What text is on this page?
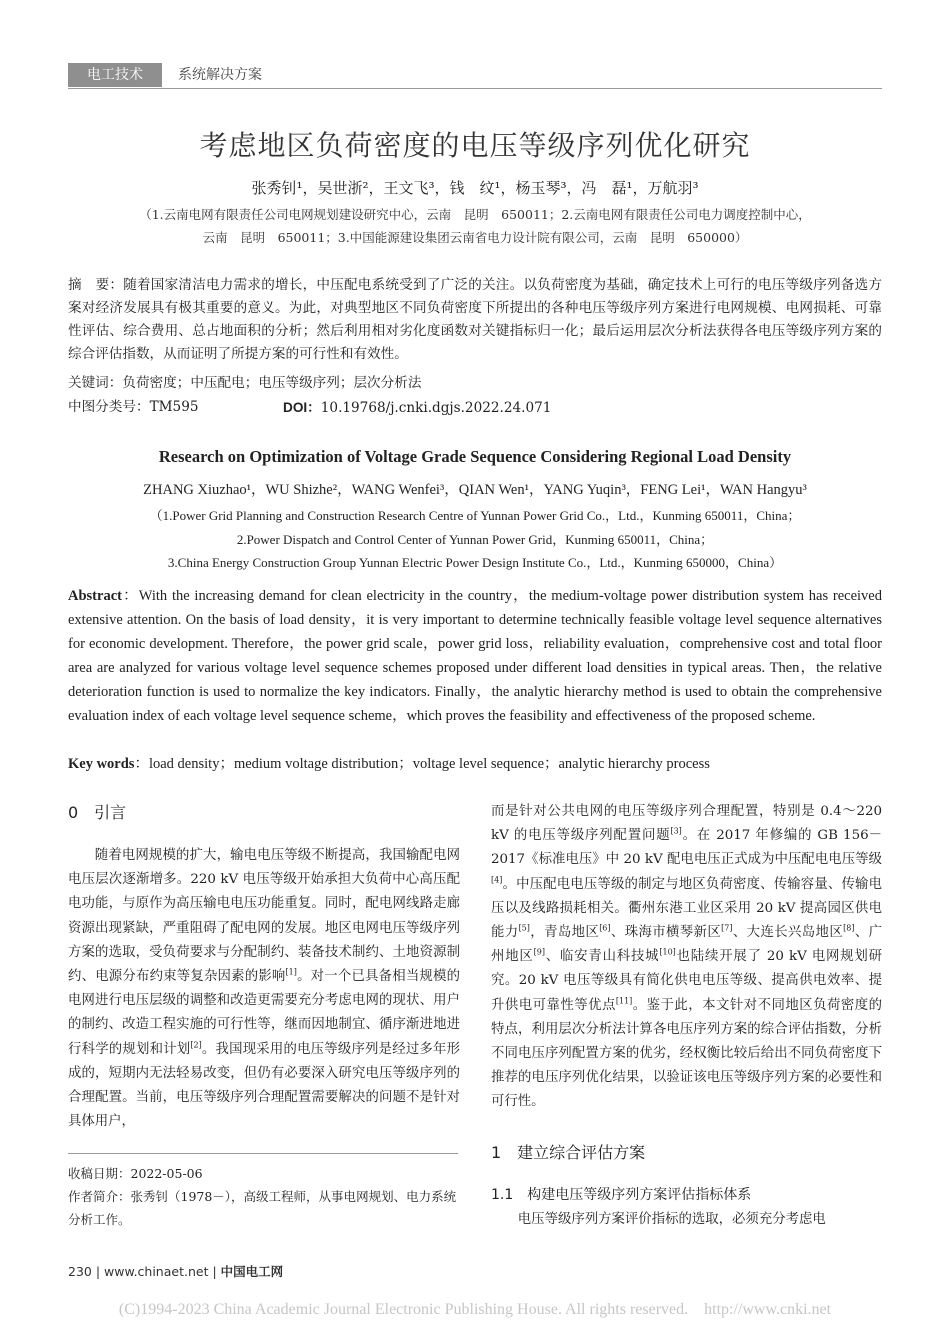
电工技术	系统解决方案
考虑地区负荷密度的电压等级序列优化研究
张秀钊¹，吴世浙²，王文飞³，钱　纹¹，杨玉琴³，冯　磊¹，万航羽³
（1.云南电网有限责任公司电网规划建设研究中心，云南　昆明　650011；2.云南电网有限责任公司电力调度控制中心，
云南　昆明　650011；3.中国能源建设集团云南省电力设计院有限公司，云南　昆明　650000）
摘　要：随着国家清洁电力需求的增长，中压配电系统受到了广泛的关注。以负荷密度为基础，确定技术上可行的电压等级序列备选方案对经济发展具有极其重要的意义。为此，对典型地区不同负荷密度下所提出的各种电压等级序列方案进行电网规模、电网损耗、可靠性评估、综合费用、总占地面积的分析；然后利用相对劣化度函数对关键指标归一化；最后运用层次分析法获得各电压等级序列方案的综合评估指数，从而证明了所提方案的可行性和有效性。
关键词：负荷密度；中压配电；电压等级序列；层次分析法
中图分类号：TM595	DOI：10.19768/j.cnki.dgjs.2022.24.071
Research on Optimization of Voltage Grade Sequence Considering Regional Load Density
ZHANG Xiuzhao¹，WU Shizhe²，WANG Wenfei³，QIAN Wen¹，YANG Yuqin³，FENG Lei¹，WAN Hangyu³
（1.Power Grid Planning and Construction Research Centre of Yunnan Power Grid Co.，Ltd.，Kunming 650011，China；
2.Power Dispatch and Control Center of Yunnan Power Grid，Kunming 650011，China；
3.China Energy Construction Group Yunnan Electric Power Design Institute Co.，Ltd.，Kunming 650000，China）
Abstract：With the increasing demand for clean electricity in the country，the medium-voltage power distribution system has received extensive attention. On the basis of load density，it is very important to determine technically feasible voltage level sequence alternatives for economic development. Therefore，the power grid scale，power grid loss，reliability evaluation，comprehensive cost and total floor area are analyzed for various voltage level sequence schemes proposed under different load densities in typical areas. Then，the relative deterioration function is used to normalize the key indicators. Finally，the analytic hierarchy method is used to obtain the comprehensive evaluation index of each voltage level sequence scheme，which proves the feasibility and effectiveness of the proposed scheme.
Key words：load density；medium voltage distribution；voltage level sequence；analytic hierarchy process
0　引言

随着电网规模的扩大，输电电压等级不断提高，我国输配电网电压层次逐渐增多。220 kV 电压等级开始承担大负荷中心高压配电功能，与原作为高压输电电压功能重复。同时，配电网线路走廊资源出现紧缺，严重阻碍了配电网的发展。地区电网电压等级序列方案的选取，受负荷要求与分配制约、装备技术制约、土地资源制约、电源分布约束等复杂因素的影响[1]。对一个已具备相当规模的电网进行电压层级的调整和改造更需要充分考虑电网的现状、用户的制约、改造工程实施的可行性等，继而因地制宜、循序渐进地进行科学的规划和计划[2]。我国现采用的电压等级序列是经过多年形成的，短期内无法轻易改变，但仍有必要深入研究电压等级序列的合理配置。当前，电压等级序列合理配置需要解决的问题不是针对具体用户，

收稿日期：2022-05-06
作者简介：张秀钊（1978－），高级工程师，从事电网规划、电力系统分析工作。

而是针对公共电网的电压等级序列合理配置，特别是 0.4～220 kV 的电压等级序列配置问题[3]。在 2017 年修编的 GB 156－2017《标准电压》中 20 kV 配电电压正式成为中压配电电压等级[4]。中压配电电压等级的制定与地区负荷密度、传输容量、传输电压以及线路损耗相关。衢州东港工业区采用 20 kV 提高园区供电能力[5]，青岛地区[6]、珠海市横琴新区[7]、大连长兴岛地区[8]、广州地区[9]、临安青山科技城[10]也陆续开展了 20 kV 电网规划研究。20 kV 电压等级具有简化供电电压等级、提高供电效率、提升供电可靠性等优点[11]。鉴于此，本文针对不同地区负荷密度的特点，利用层次分析法计算各电压序列方案的综合评估指数，分析不同电压序列配置方案的优劣，经权衡比较后给出不同负荷密度下推荐的电压序列优化结果，以验证该电压等级序列方案的必要性和可行性。

1　建立综合评估方案
1.1　构建电压等级序列方案评估指标体系

电压等级序列方案评价指标的选取，必须充分考虑电

230 | www.chinaet.net | 中国电工网
(C)1994-2023 China Academic Journal Electronic Publishing House. All rights reserved.　http://www.cnki.net
